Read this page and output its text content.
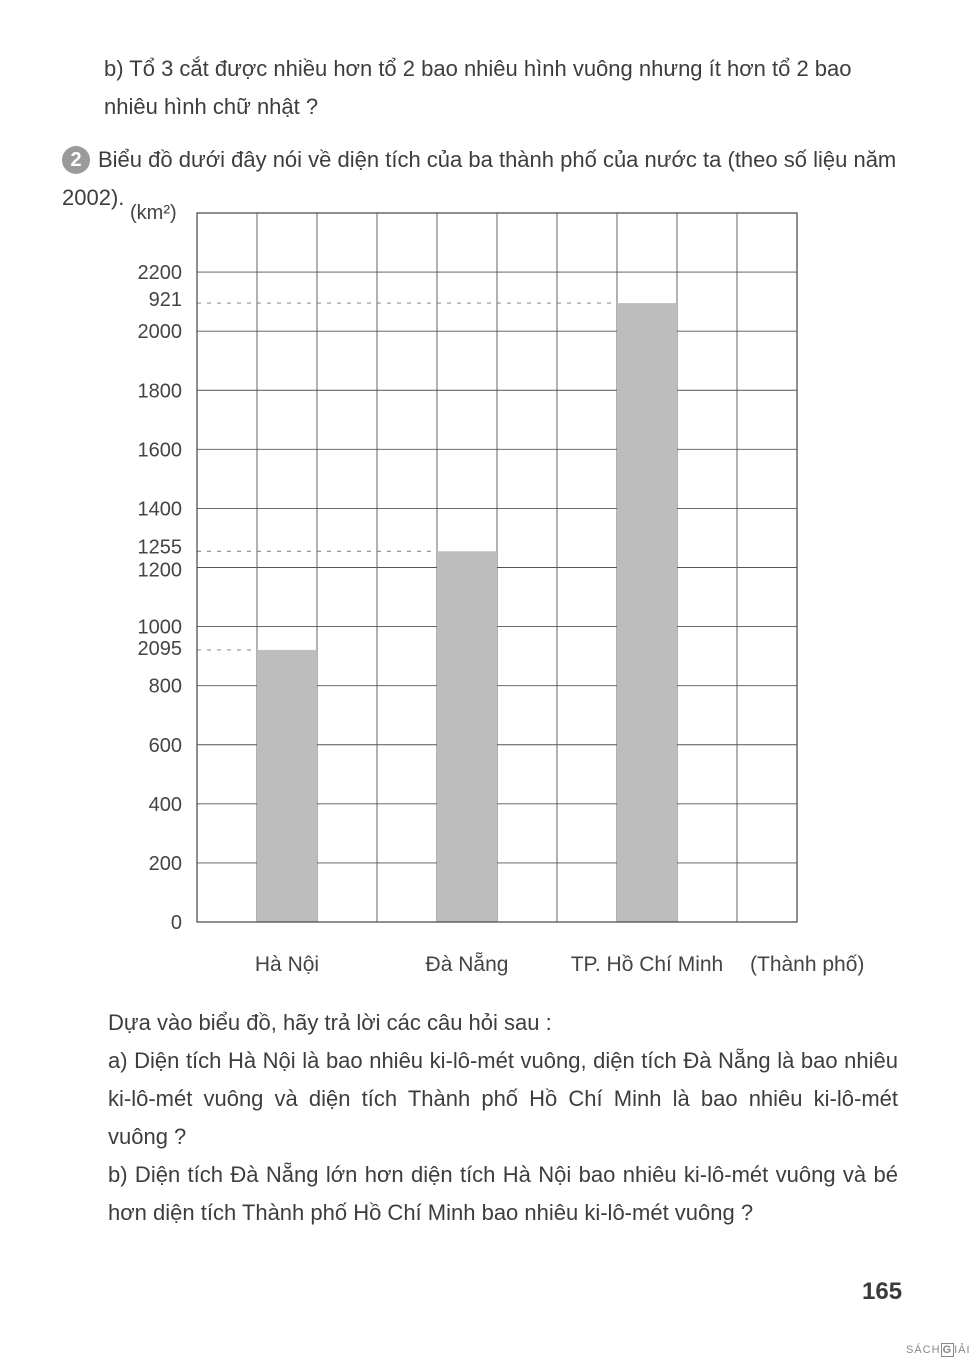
b) Tổ 3 cắt được nhiều hơn tổ 2 bao nhiêu hình vuông nhưng ít hơn tổ 2 bao nhiêu hình chữ nhật ?

2 Biểu đồ dưới đây nói về diện tích của ba thành phố của nước ta (theo số liệu năm 2002).

0
200
400
600
800
1000
1200
1400
1600
1800
2000
2200
2095
1255
921
Hà Nội	Đà Nẵng	TP. Hồ Chí Minh
(km²)
(Thành phố)

Dựa vào biểu đồ, hãy trả lời các câu hỏi sau :

a) Diện tích Hà Nội là bao nhiêu ki-lô-mét vuông, diện tích Đà Nẵng là bao nhiêu ki-lô-mét vuông và diện tích Thành phố Hồ Chí Minh là bao nhiêu ki-lô-mét vuông ?

b) Diện tích Đà Nẵng lớn hơn diện tích Hà Nội bao nhiêu ki-lô-mét vuông và bé hơn diện tích Thành phố Hồ Chí Minh bao nhiêu ki-lô-mét vuông ?

165
SÁCH G IẢI
